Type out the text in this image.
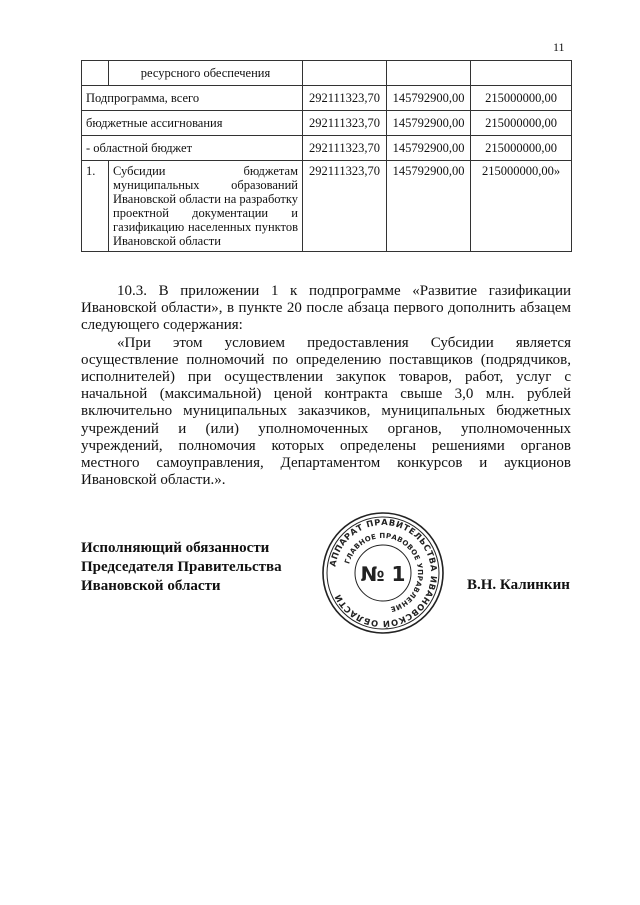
11
	ресурсного обеспечения			
Подпрограмма, всего		292111323,70	145792900,00	215000000,00
бюджетные ассигнования		292111323,70	145792900,00	215000000,00
- областной бюджет		292111323,70	145792900,00	215000000,00
1.	Субсидии бюджетам муниципальных образований Ивановской области на разработку проектной документации и газификацию населенных пунктов Ивановской области	292111323,70	145792900,00	215000000,00»

10.3. В приложении 1 к подпрограмме «Развитие газификации Ивановской области», в пункте 20 после абзаца первого дополнить абзацем следующего содержания:

«При этом условием предоставления Субсидии является осуществление полномочий по определению поставщиков (подрядчиков, исполнителей) при осуществлении закупок товаров, работ, услуг с начальной (максимальной) ценой контракта свыше 3,0 млн. рублей включительно муниципальных заказчиков, муниципальных бюджетных учреждений и (или) уполномоченных органов, уполномоченных учреждений, полномочия которых определены решениями органов местного самоуправления, Департаментом конкурсов и аукционов Ивановской области.».

Исполняющий обязанности
Председателя Правительства
Ивановской области
АППАРАТ ПРАВИТЕЛЬСТВА ИВАНОВСКОЙ ОБЛАСТИ
ГЛАВНОЕ ПРАВОВОЕ УПРАВЛЕНИЕ
№ 1	В.Н. Калинкин
